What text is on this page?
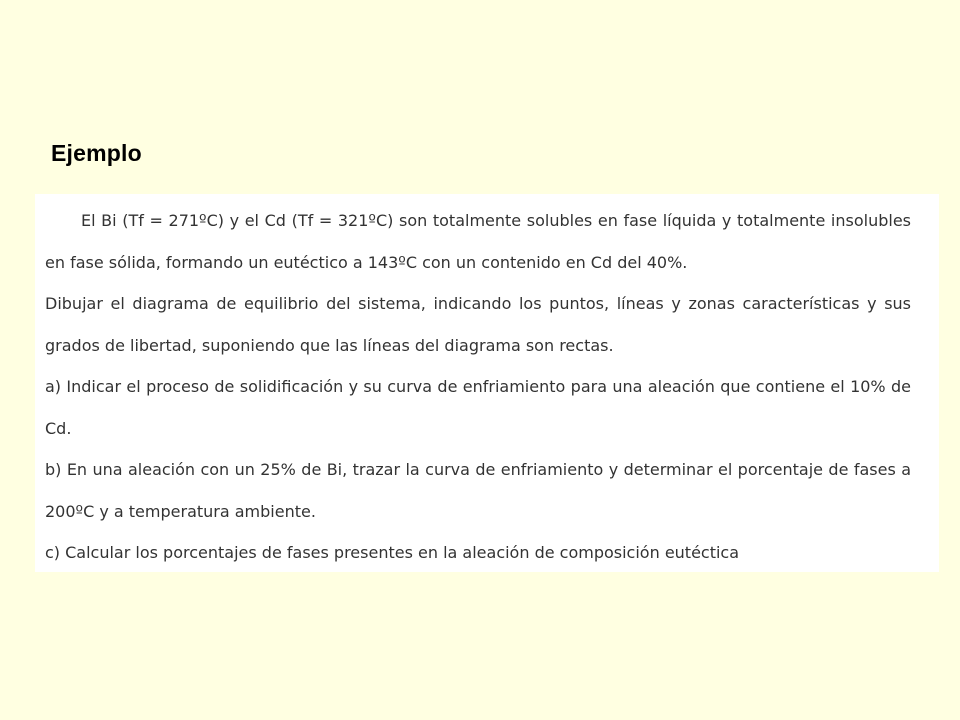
Ejemplo

El Bi (Tf = 271ºC) y el Cd (Tf = 321ºC) son totalmente solubles en fase líquida y totalmente insolubles en fase sólida, formando un eutéctico a 143ºC con un contenido en Cd del 40%.

Dibujar el diagrama de equilibrio del sistema, indicando los puntos, líneas y zonas características y sus grados de libertad, suponiendo que las líneas del diagrama son rectas.

a) Indicar el proceso de solidificación y su curva de enfriamiento para una aleación que contiene el 10% de Cd.

b) En una aleación con un 25% de Bi, trazar la curva de enfriamiento y determinar el porcentaje de fases a 200ºC y a temperatura ambiente.

c) Calcular los porcentajes de fases presentes en la aleación de composición eutéctica
